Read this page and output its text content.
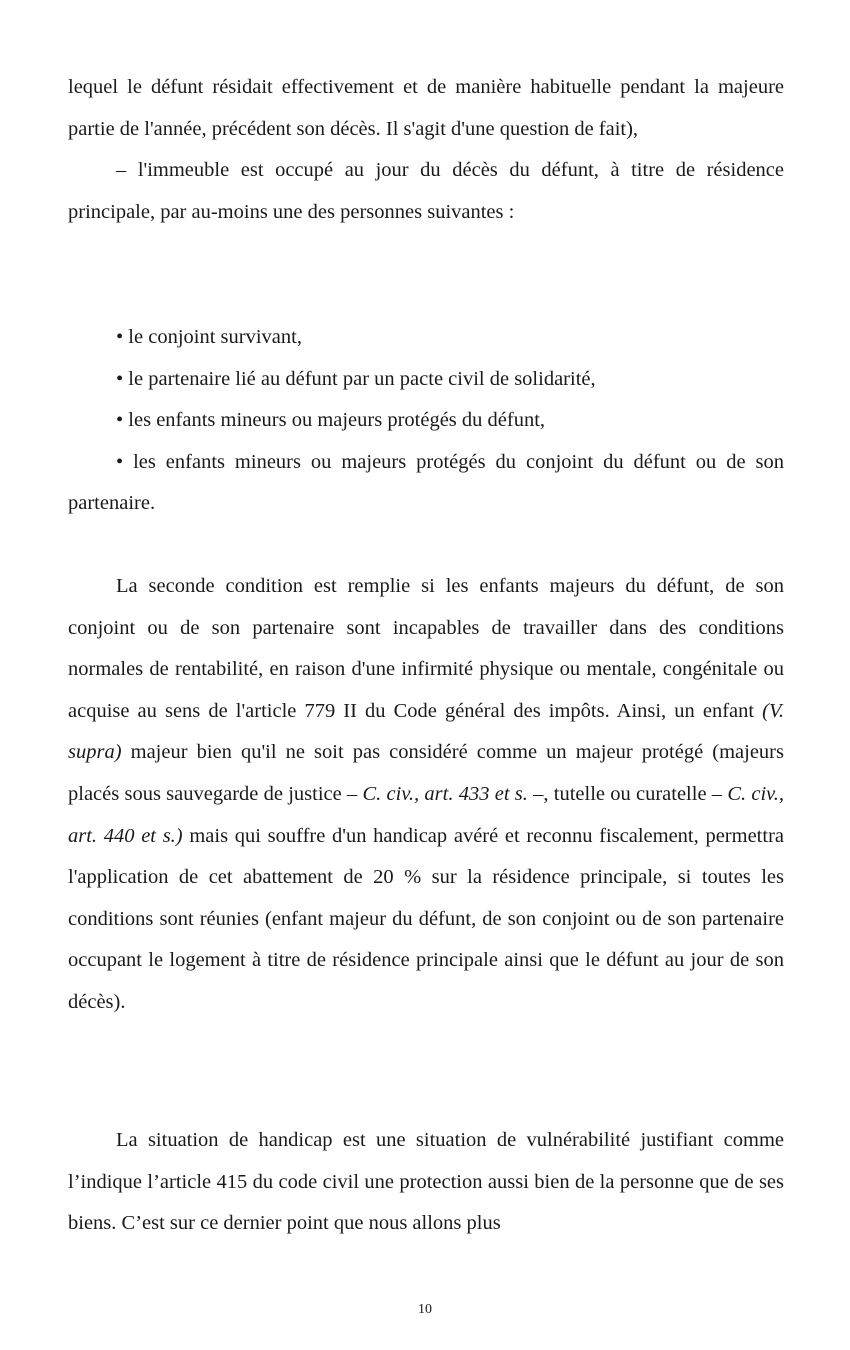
lequel le défunt résidait effectivement et de manière habituelle pendant la majeure partie de l'année, précédent son décès. Il s'agit d'une question de fait),

– l'immeuble est occupé au jour du décès du défunt, à titre de résidence principale, par au-moins une des personnes suivantes :

• le conjoint survivant,
• le partenaire lié au défunt par un pacte civil de solidarité,
• les enfants mineurs ou majeurs protégés du défunt,
• les enfants mineurs ou majeurs protégés du conjoint du défunt ou de son partenaire.

La seconde condition est remplie si les enfants majeurs du défunt, de son conjoint ou de son partenaire sont incapables de travailler dans des conditions normales de rentabilité, en raison d'une infirmité physique ou mentale, congénitale ou acquise au sens de l'article 779 II du Code général des impôts. Ainsi, un enfant (V. supra) majeur bien qu'il ne soit pas considéré comme un majeur protégé (majeurs placés sous sauvegarde de justice – C. civ., art. 433 et s. –, tutelle ou curatelle – C. civ., art. 440 et s.) mais qui souffre d'un handicap avéré et reconnu fiscalement, permettra l'application de cet abattement de 20 % sur la résidence principale, si toutes les conditions sont réunies (enfant majeur du défunt, de son conjoint ou de son partenaire occupant le logement à titre de résidence principale ainsi que le défunt au jour de son décès).

La situation de handicap est une situation de vulnérabilité justifiant comme l’indique l’article 415 du code civil une protection aussi bien de la personne que de ses biens. C’est sur ce dernier point que nous allons plus

10
